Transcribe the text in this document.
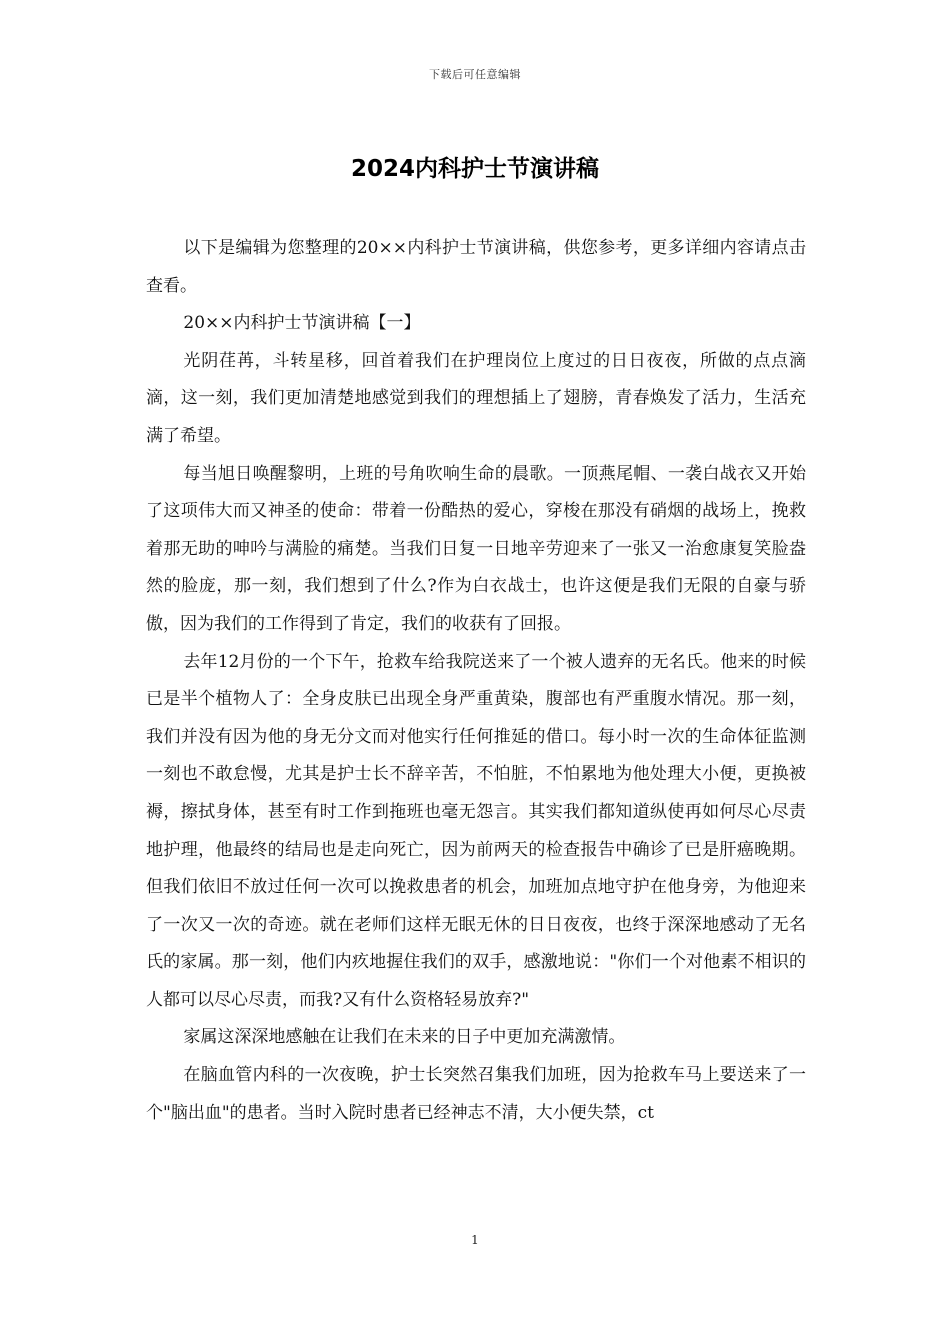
下载后可任意编辑
2024内科护士节演讲稿

以下是编辑为您整理的20××内科护士节演讲稿，供您参考，更多详细内容请点击查看。

20××内科护士节演讲稿【一】

光阴荏苒，斗转星移，回首着我们在护理岗位上度过的日日夜夜，所做的点点滴滴，这一刻，我们更加清楚地感觉到我们的理想插上了翅膀，青春焕发了活力，生活充满了希望。

每当旭日唤醒黎明，上班的号角吹响生命的晨歌。一顶燕尾帽、一袭白战衣又开始了这项伟大而又神圣的使命：带着一份酷热的爱心，穿梭在那没有硝烟的战场上，挽救着那无助的呻吟与满脸的痛楚。当我们日复一日地辛劳迎来了一张又一治愈康复笑脸盎然的脸庞，那一刻，我们想到了什么?作为白衣战士，也许这便是我们无限的自豪与骄傲，因为我们的工作得到了肯定，我们的收获有了回报。

去年12月份的一个下午，抢救车给我院送来了一个被人遗弃的无名氏。他来的时候已是半个植物人了：全身皮肤已出现全身严重黄染，腹部也有严重腹水情况。那一刻，我们并没有因为他的身无分文而对他实行任何推延的借口。每小时一次的生命体征监测一刻也不敢怠慢，尤其是护士长不辞辛苦，不怕脏，不怕累地为他处理大小便，更换被褥，擦拭身体，甚至有时工作到拖班也毫无怨言。其实我们都知道纵使再如何尽心尽责地护理，他最终的结局也是走向死亡，因为前两天的检查报告中确诊了已是肝癌晚期。但我们依旧不放过任何一次可以挽救患者的机会，加班加点地守护在他身旁，为他迎来了一次又一次的奇迹。就在老师们这样无眠无休的日日夜夜，也终于深深地感动了无名氏的家属。那一刻，他们内疚地握住我们的双手，感激地说："你们一个对他素不相识的人都可以尽心尽责，而我?又有什么资格轻易放弃?"

家属这深深地感触在让我们在未来的日子中更加充满激情。

在脑血管内科的一次夜晚，护士长突然召集我们加班，因为抢救车马上要送来了一个"脑出血"的患者。当时入院时患者已经神志不清，大小便失禁，ct

1
